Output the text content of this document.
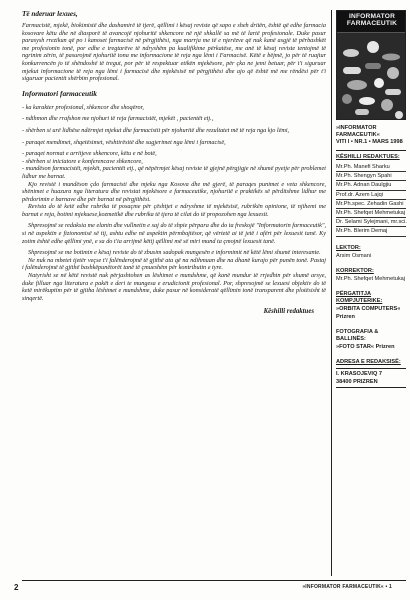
Të nderuar lexues,

Farmacistë, mjekë, biokimistë dhe dashamirë të tjerë, qëllimi i kësaj reviste që sapo e sheh dritën, është që edhe farmacia kosovare këtu dhe në diasporë të avancojë njohuritë shkencore në një shkallë sa më të lartë profesionale. Duke pasur parasysh rrezikun që po i kanoset farmacisë në përgjithësi, nga marrja me të e njerëzve që nuk kanë asgjë të përbashkët me profesionin tonë, por edhe e tregtarëve të ndryshëm pa kualifikime përkatëse, me anë të kësaj reviste tentojmë të ngrinim zërin, të pasurojmë njohuritë tona me informacione të reja nga lëmi i Farmacisë. Këtë e bëjmë, jo për të ruajtur konkurrencën jo të shëndoshë të tregut, por për të respektuar etikën mjekësore, për çka ne jemi betuar, për t'i siguruar mjekut informacione të reja nga lëmi i farmacisë dhe mjekësisë në përgjithësi dhe ajo që është më me rëndësi për t'i siguruar pacientit shërbim profesional.

Informatori farmaceutik

- ka karakter profesional, shkencor dhe shoqëror,

- ndihmon dhe rrafshon me njohuri të reja farmacistët, mjekët , pacientët etj.,

- shërben si urë lidhëse ndërmjet mjekut dhe farmacistit për njohuritë dhe rezultatet më të reja nga kjo lëmi,

- paraqet mendimet, shqetësimet, vështirësitë dhe sugjerimet nga lëmi i farmacisë,

- paraqet normat e arritjeve shkencore, këtu e në botë,

- shërben si iniciatore e konferencave shkencore,

- mundëson farmacistët, mjekët, pacientët etj., që nëpërmjet kësaj reviste të gjejnë përgjigje në shumë pyetje për problemet lidhur me barnat.

Kjo revistë i mundëson çdo farmacisti dhe mjeku nga Kosova dhe më gjerë, të paraqes punimet e veta shkencore, shënimet e huazura nga literatura dhe revistat mjekësore e farmaceutike, njohuritë e praktikës së përditshme lidhur me përdorimin e barnave dhe për barnat në përgjithësi.

Revista do të ketë edhe rubrika të posaçme për çështjet e ndryshme të mjekësisë, rubrikën opinione, të njihemi me barnat e reja, botimi mjekuese,kozmetikë dhe rubrika të tjera të cilat do të propozohen nga lexuesit.

Shpresojmë se redaksia me elanin dhe vullnetin e saj do të shpie përpara dhe do ta freskojë "Informatorin farmaceutik", si në aspektin e fizionomisë së tij, ashtu edhe në aspektin përmbajtësor, që vërtetë ai të jetë i afërt për lexuesit tanë. Ky zotim është edhe qëllimi ynë, e sa do t'ia arrijmë këtij qëllimi më së miri mund ta çmojnë lexuesit tanë.

Shpresojmë se me botimin e kësaj reviste do të zbusim sadopak mungesën e informimit në këtë lëmi shumë interesante.

Ne nuk na mbetet tjetër veçse t'i falënderojmë të gjithë ata që na ndihmuan dhe na dhanë kurajo për punën tonë. Pastaj i falënderojmë të gjithë bashkëpunëtorët tanë të çmueshëm për kontributin e tyre.

Natyrisht se në këtë revistë nuk përjashtohen as lëshimet e mundshme, që kanë mundur të rrjedhin për shumë arsye, duke filluar nga literatura e pakët e deri te mungesa e erudicionit profesional. Por, shpresojmë se lexuesi objektiv do të ketë mirëkuptim për të gjitha lëshimet e mundshme, duke pasur në konsideratë qëllimin tonë transparent dhe plotësisht të sinqertë.

Këshilli redaktues
INFORMATOR
FARMACEUTIK
»INFORMATOR FARMACEUTIK«
VITI I • NR.1 • MARS 1998
KËSHILLI REDAKTUES:
Mr.Ph. Manefi Sharku
Mr.Ph. Shengyn Spahi
Mr.Ph. Adnan Daulgjiu
Prof.dr. Azem Lajqi
Mr.Ph.spec. Zehadin Gashi
Mr.Ph. Shefqet Mehmetukaj
Dr. Selami Sylejmani, mr.sci.
Mr.Ph. Blerim Demaj
LEKTOR:
Arsim Osmani
KORREKTOR:
Mr.Ph. Shefqet Mehmetukaj
PËRGATITJA KOMPJUTERIKE:
»ORBITA COMPUTERS«
Prizren
FOTOGRAFIA & BALLINËS:
»FOTO STAR« Prizren
ADRESA E REDAKSISË:
I. KRASOJEVIQ 7
38400 PRIZREN
2	»INFORMATOR FARMACEUTIK« • 1
